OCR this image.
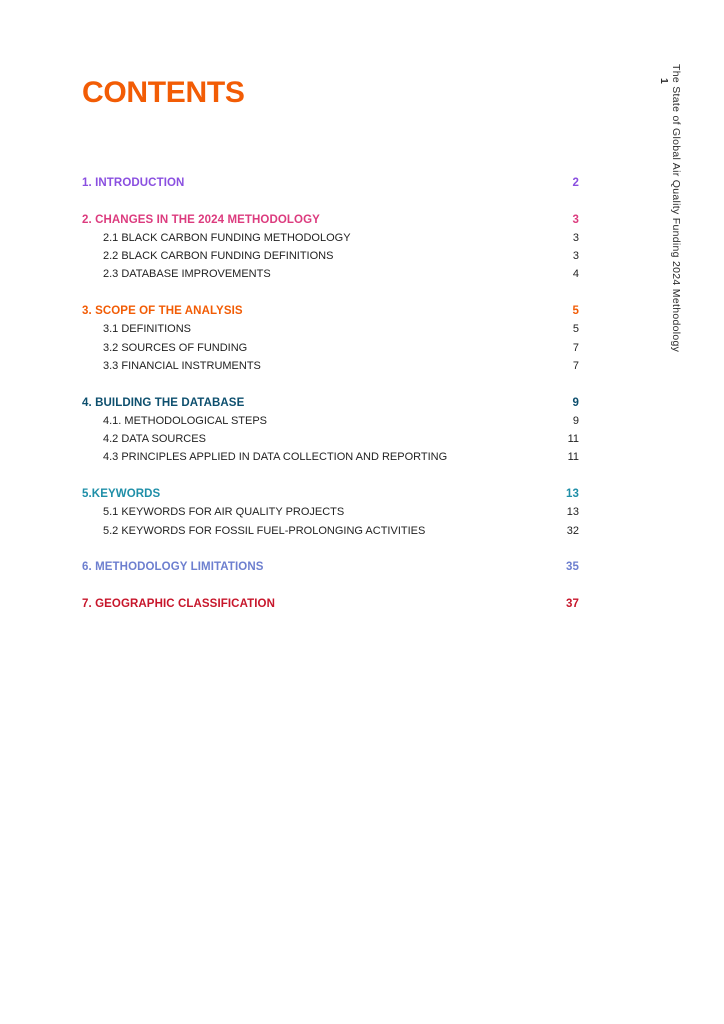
CONTENTS	The State of Global Air Quality Funding 2024 Methodology
1
1. INTRODUCTION	2
2. CHANGES IN THE 2024 METHODOLOGY	3
2.1 BLACK CARBON FUNDING METHODOLOGY	3
2.2 BLACK CARBON FUNDING DEFINITIONS	3
2.3 DATABASE IMPROVEMENTS	4
3. SCOPE OF THE ANALYSIS	5
3.1 DEFINITIONS	5
3.2 SOURCES OF FUNDING	7
3.3 FINANCIAL INSTRUMENTS	7
4. BUILDING THE DATABASE	9
4.1. METHODOLOGICAL STEPS	9
4.2 DATA SOURCES	11
4.3 PRINCIPLES APPLIED IN DATA COLLECTION AND REPORTING	11
5.KEYWORDS	13
5.1 KEYWORDS FOR AIR QUALITY PROJECTS	13
5.2 KEYWORDS FOR FOSSIL FUEL-PROLONGING ACTIVITIES	32
6. METHODOLOGY LIMITATIONS	35
7. GEOGRAPHIC CLASSIFICATION	37
